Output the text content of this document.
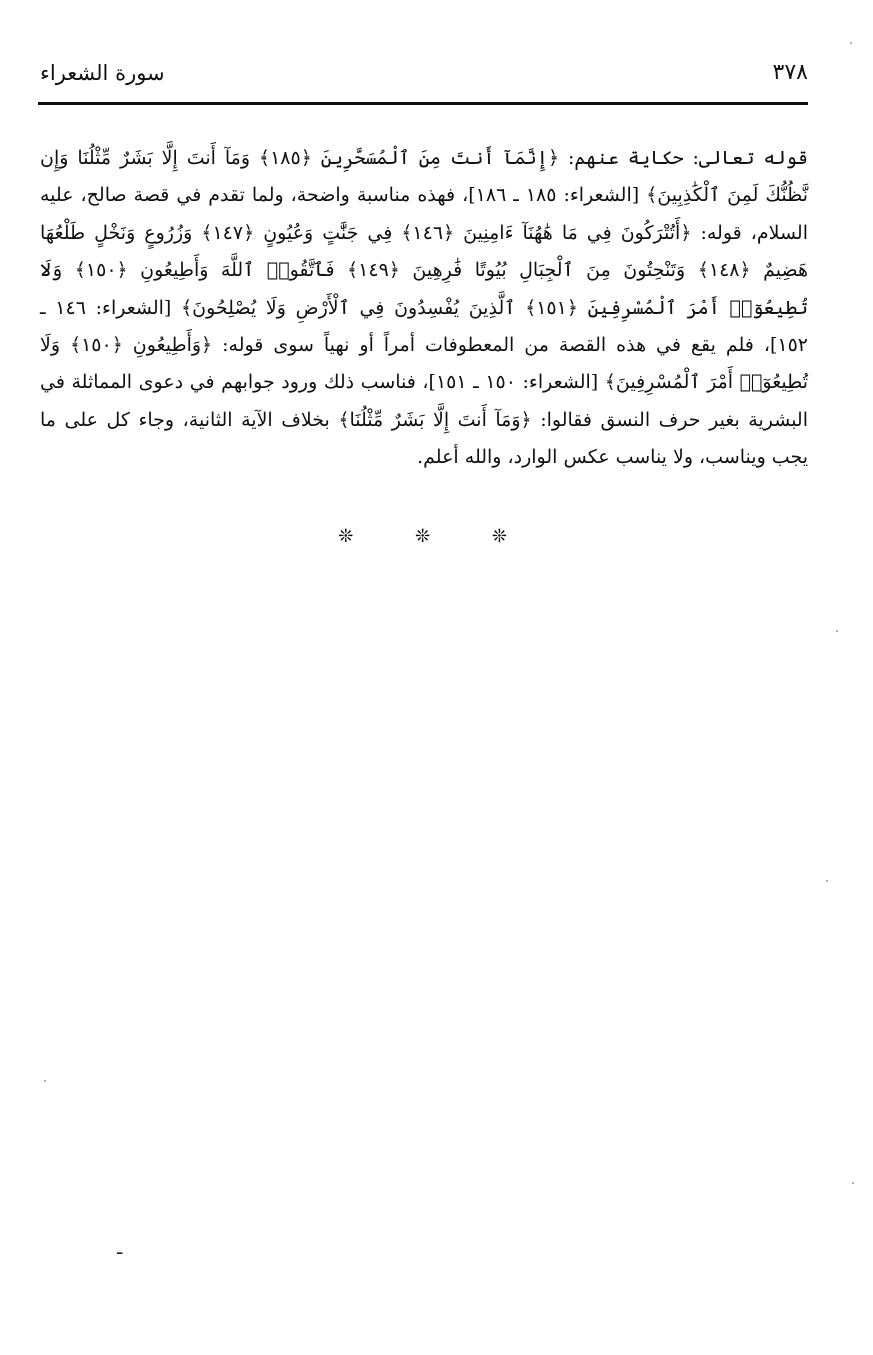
٣٧٨
سورة الشعراء

قوله تعالى: حكاية عنهم: ﴿إِنَّمَآ أَنتَ مِنَ ٱلْمُسَحَّرِينَ ﴿١٨٥﴾ وَمَآ أَنتَ إِلَّا بَشَرٌ مِّثْلُنَا وَإِن نَّظُنُّكَ لَمِنَ ٱلْكَٰذِبِينَ﴾ [الشعراء: ١٨٥ ـ ١٨٦]، فهذه مناسبة واضحة، ولما تقدم في قصة صالح، عليه السلام، قوله: ﴿أَتُتْرَكُونَ فِي مَا هَٰهُنَآ ءَامِنِينَ ﴿١٤٦﴾ فِي جَنَّٰتٍ وَعُيُونٍ ﴿١٤٧﴾ وَزُرُوعٍ وَنَخْلٍ طَلْعُهَا هَضِيمٌ ﴿١٤٨﴾ وَتَنْحِتُونَ مِنَ ٱلْجِبَالِ بُيُوتًا فَٰرِهِينَ ﴿١٤٩﴾ فَٱتَّقُوا۟ ٱللَّهَ وَأَطِيعُونِ ﴿١٥٠﴾ وَلَا تُطِيعُوٓا۟ أَمْرَ ٱلْمُسْرِفِينَ ﴿١٥١﴾ ٱلَّذِينَ يُفْسِدُونَ فِي ٱلْأَرْضِ وَلَا يُصْلِحُونَ﴾ [الشعراء: ١٤٦ ـ ١٥٢]، فلم يقع في هذه القصة من المعطوفات أمراً أو نهياً سوى قوله: ﴿وَأَطِيعُونِ ﴿١٥٠﴾ وَلَا تُطِيعُوٓا۟ أَمْرَ ٱلْمُسْرِفِينَ﴾ [الشعراء: ١٥٠ ـ ١٥١]، فناسب ذلك ورود جوابهم في دعوى المماثلة في البشرية بغير حرف النسق فقالوا: ﴿وَمَآ أَنتَ إِلَّا بَشَرٌ مِّثْلُنَا﴾ بخلاف الآية الثانية، وجاء كل على ما يجب ويناسب، ولا يناسب عكس الوارد، والله أعلم.

❊ ❊ ❊
ـ
